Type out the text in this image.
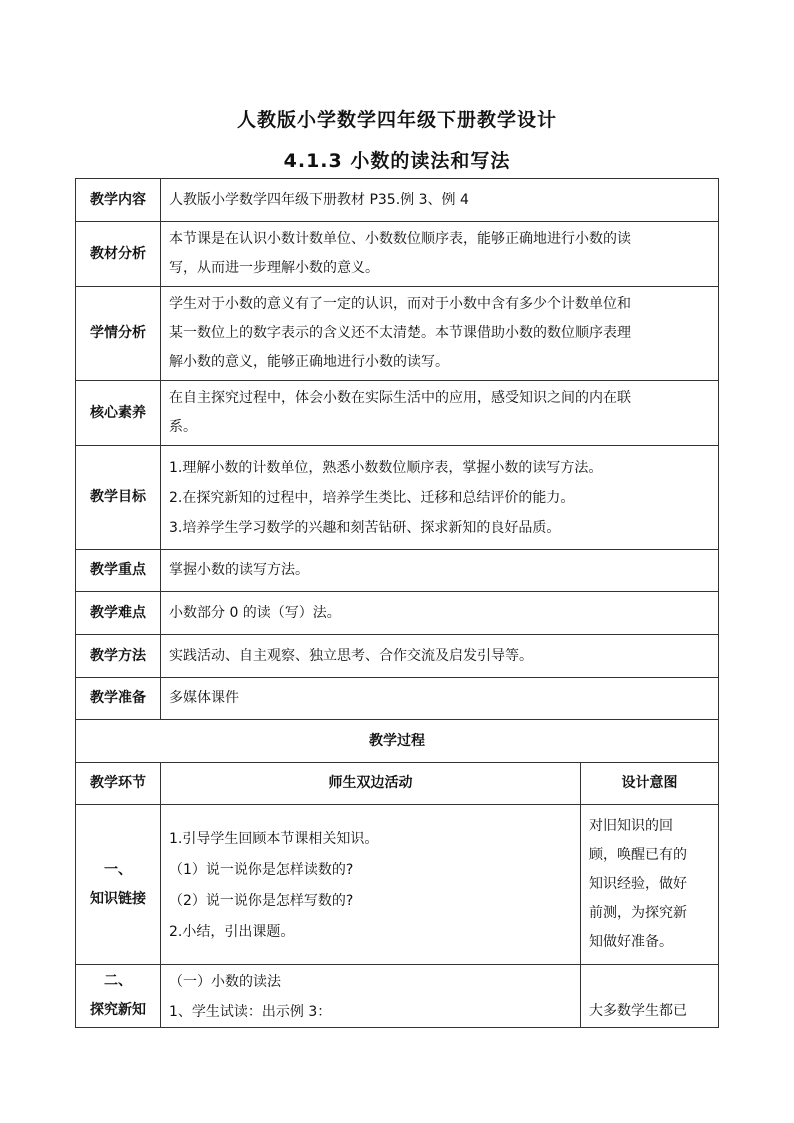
人教版小学数学四年级下册教学设计
4.1.3 小数的读法和写法
教学内容	人教版小学数学四年级下册教材 P35.例 3、例 4	

教材分析	本节课是在认识小数计数单位、小数数位顺序表，能够正确地进行小数的读
写，从而进一步理解小数的意义。	

学情分析	学生对于小数的意义有了一定的认识，而对于小数中含有多少个计数单位和
某一数位上的数字表示的含义还不太清楚。本节课借助小数的数位顺序表理
解小数的意义，能够正确地进行小数的读写。	

核心素养	在自主探究过程中，体会小数在实际生活中的应用，感受知识之间的内在联
系。	

教学目标	1.理解小数的计数单位，熟悉小数数位顺序表，掌握小数的读写方法。
2.在探究新知的过程中，培养学生类比、迁移和总结评价的能力。
3.培养学生学习数学的兴趣和刻苦钻研、探求新知的良好品质。	

教学重点	掌握小数的读写方法。	

教学难点	小数部分 0 的读（写）法。	

教学方法	实践活动、自主观察、独立思考、合作交流及启发引导等。	

教学准备	多媒体课件	

教学过程		
教学环节	师生双边活动	设计意图

一、
知识链接	1.引导学生回顾本节课相关知识。
（1）说一说你是怎样读数的?
（2）说一说你是怎样写数的?
2.小结，引出课题。	对旧知识的回
顾，唤醒已有的
知识经验，做好
前测，为探究新
知做好准备。

二、
探究新知	（一）小数的读法
1、学生试读：出示例 3：	大多数学生都已
